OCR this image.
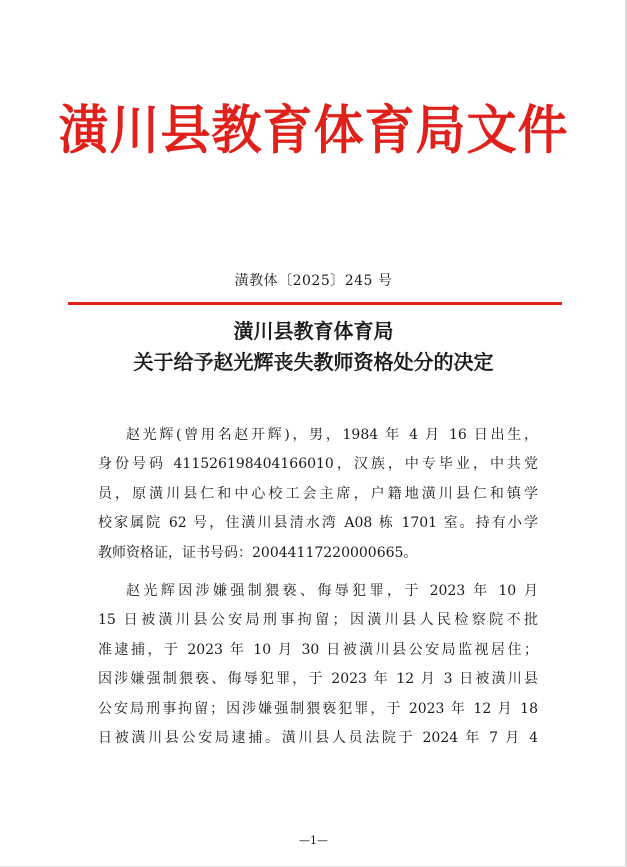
潢川县教育体育局文件
潢教体〔2025〕245 号
潢川县教育体育局
关于给予赵光辉丧失教师资格处分的决定
赵光辉(曾用名赵开辉)，男，1984 年 4 月 16 日出生，
身份号码 411526198404166010，汉族，中专毕业，中共党
员，原潢川县仁和中心校工会主席，户籍地潢川县仁和镇学
校家属院 62 号，住潢川县清水湾 A08 栋 1701 室。持有小学
教师资格证，证书号码：20044117220000665。
赵光辉因涉嫌强制猥亵、侮辱犯罪，于 2023 年 10 月
15 日被潢川县公安局刑事拘留；因潢川县人民检察院不批
准逮捕，于 2023 年 10 月 30 日被潢川县公安局监视居住；
因涉嫌强制猥亵、侮辱犯罪，于 2023 年 12 月 3 日被潢川县
公安局刑事拘留；因涉嫌强制猥亵犯罪，于 2023 年 12 月 18
日被潢川县公安局逮捕。潢川县人员法院于 2024 年 7 月 4
—1—
